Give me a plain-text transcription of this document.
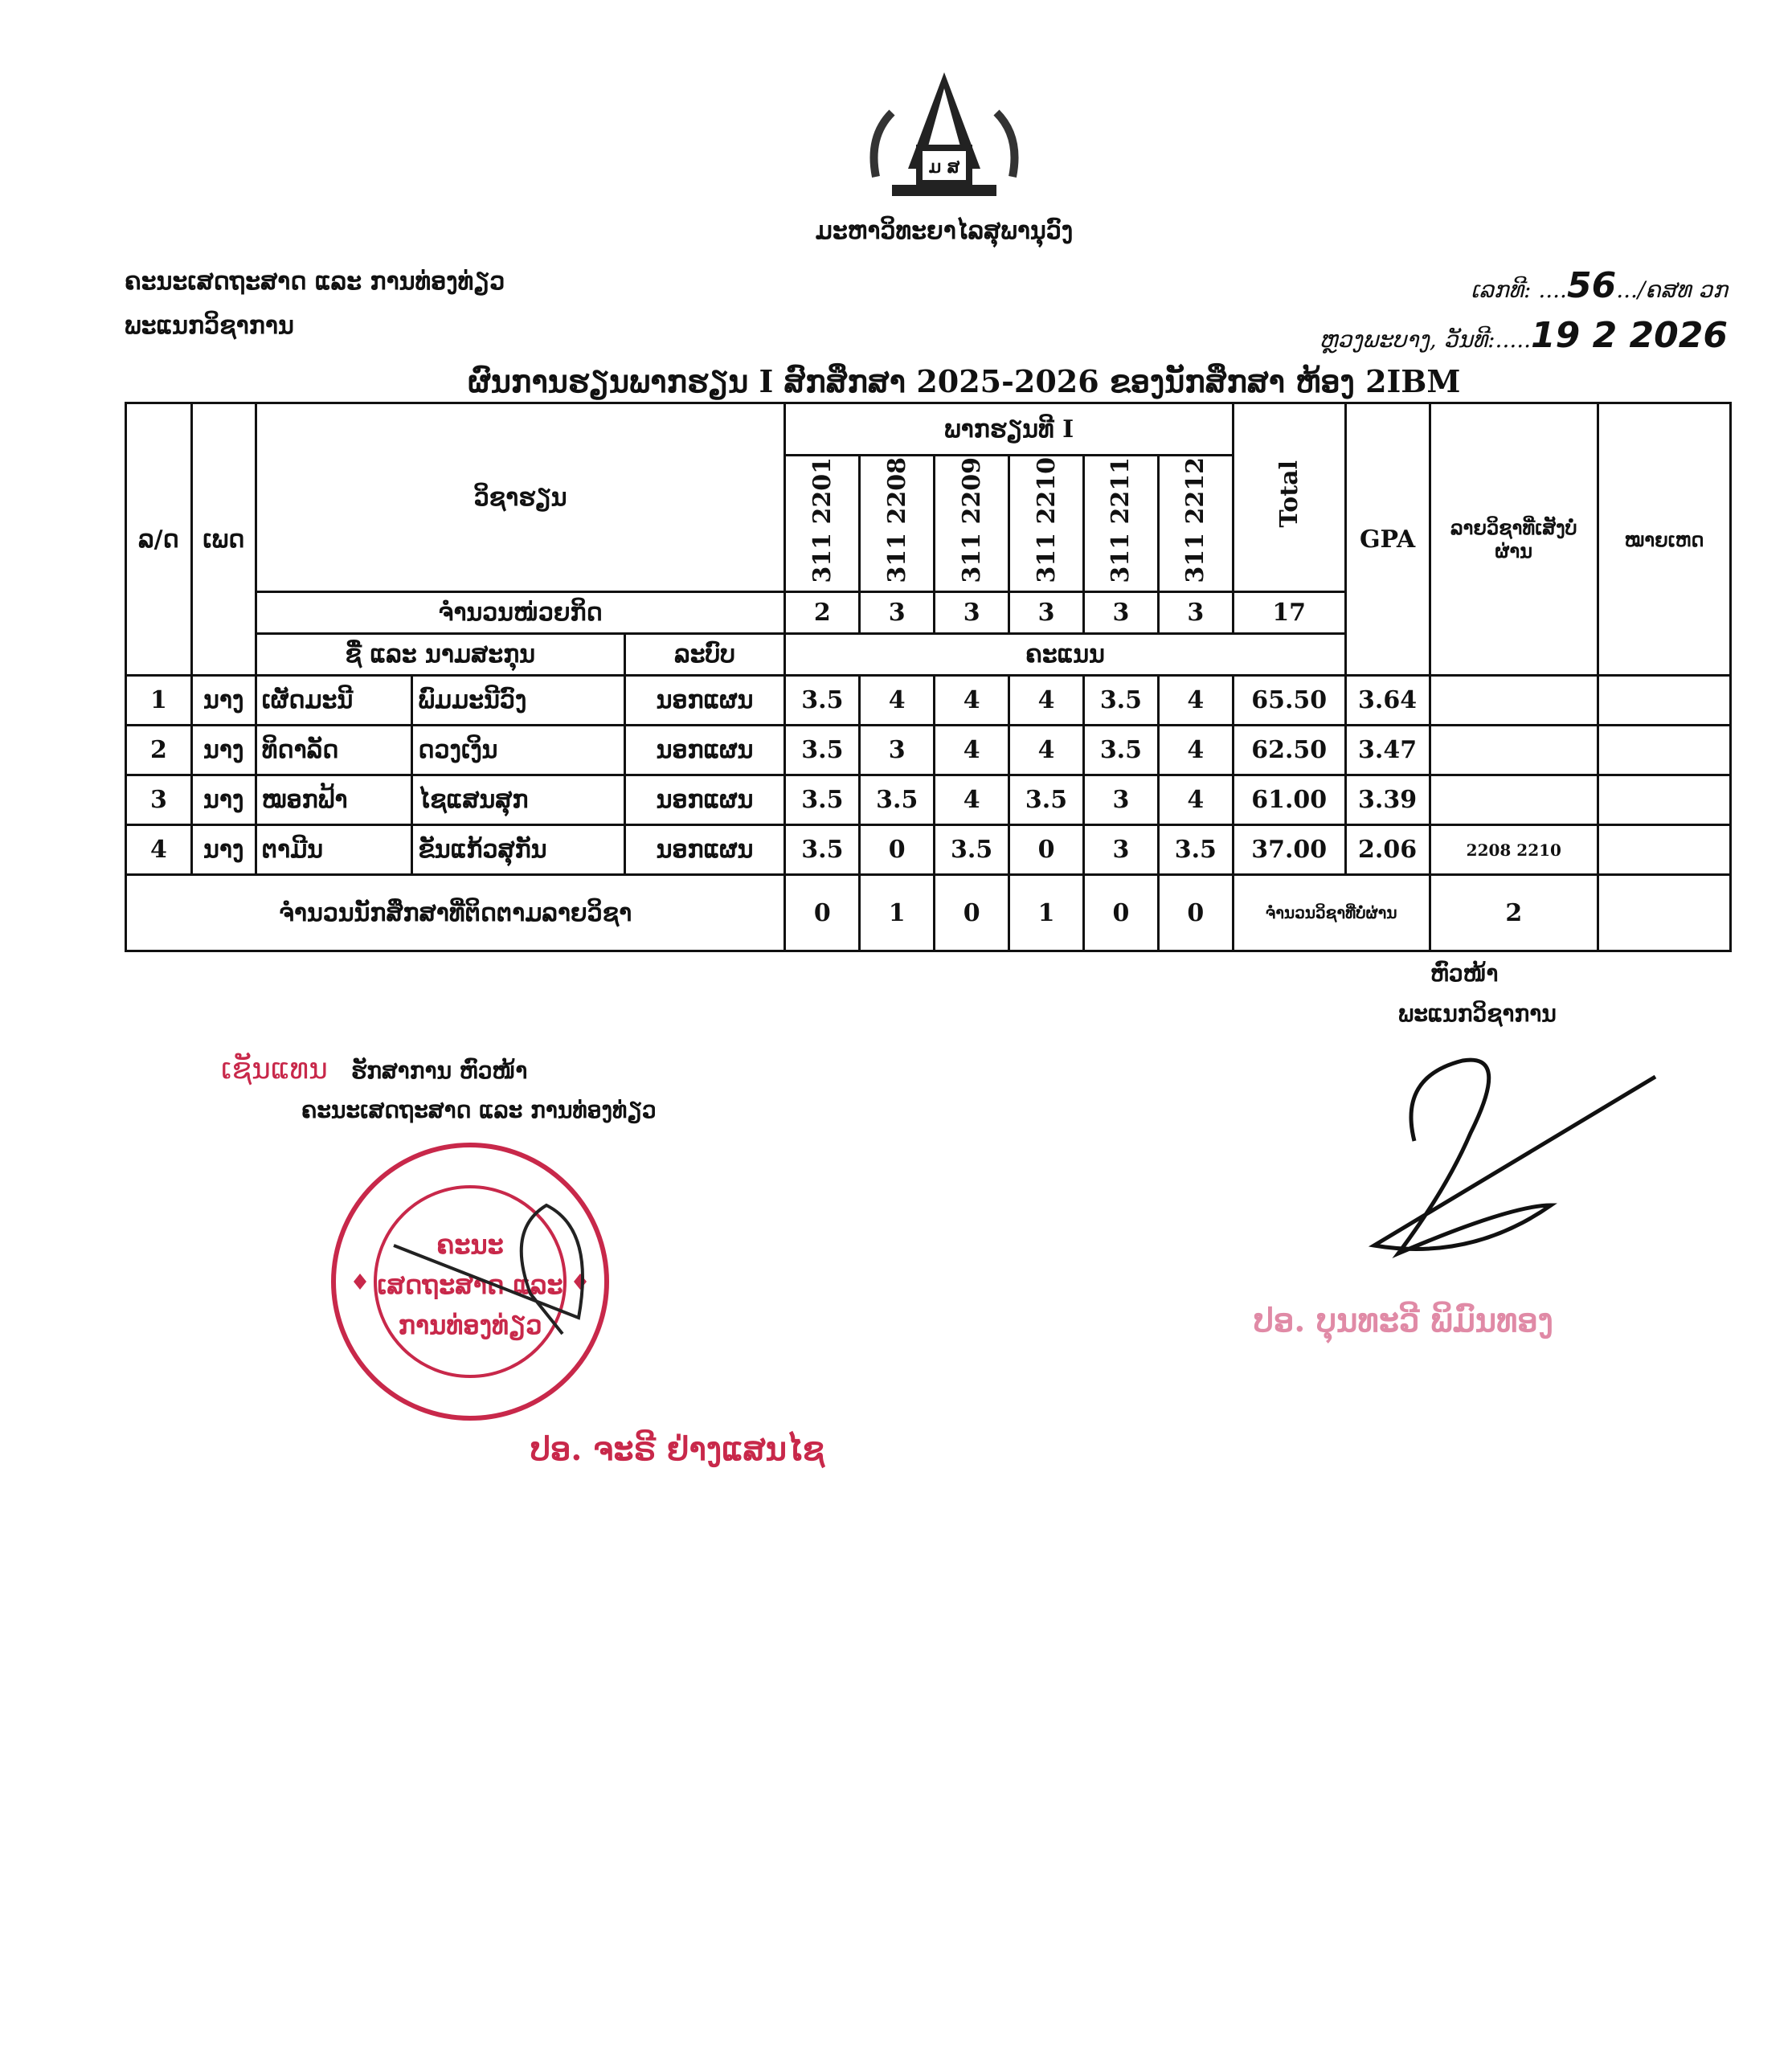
ມ ສ
ມະຫາວິທະຍາໄລສຸພານຸວົງ
ຄະນະເສດຖະສາດ ແລະ ການທ່ອງທ່ຽວ
ພະແນກວິຊາການ
ເລກທີ: ....56.../ຄສທ ວກ
ຫຼວງພະບາງ, ວັນທີ:.....19 2 2026
ຜົນການຮຽນພາກຮຽນ I ສົກສຶກສາ 2025-2026 ຂອງນັກສຶກສາ ຫ້ອງ 2IBM
ລ/ດ	ເພດ	ວິຊາຮຽນ			ພາກຮຽນທີ I						Total	GPA	ລາຍວິຊາທີ່ເສັງບໍ່ຜ່ານ	ໝາຍເຫດ
					311 2201	311 2208	311 2209	311 2210	311 2211	311 2212				
		ຈຳນວນໜ່ວຍກິດ			2	3	3	3	3	3	17			
		ຊື່ ແລະ ນາມສະກຸນ		ລະບົບ	ຄະແນນ									
1	ນາງ	ເຜັດມະນີ	ພົມມະນີວົງ	ນອກແຜນ	3.5	4	4	4	3.5	4	65.50	3.64		
2	ນາງ	ທິດາລັດ	ດວງເງິນ	ນອກແຜນ	3.5	3	4	4	3.5	4	62.50	3.47		
3	ນາງ	ໝອກຟ້າ	ໄຊແສນສຸກ	ນອກແຜນ	3.5	3.5	4	3.5	3	4	61.00	3.39		
4	ນາງ	ຕາມີນ	ຂັນແກ້ວສຸກັນ	ນອກແຜນ	3.5	0	3.5	0	3	3.5	37.00	2.06	2208 2210	
ຈຳນວນນັກສຶກສາທີ່ຕິດຕາມລາຍວິຊາ					0	1	0	1	0	0	ຈຳນວນວິຊາທີ່ບໍ່ຜ່ານ		2	
ຫົວໜ້າ
ພະແນກວິຊາການ
ປອ. ບຸນທະວີ ພິມົນທອງ
ເຊັນແທນ ຮັກສາການ ຫົວໜ້າ
ຄະນະເສດຖະສາດ ແລະ ການທ່ອງທ່ຽວ
ຄະນະ
ເສດຖະສາດ ແລະ
ການທ່ອງທ່ຽວ
ປອ. ຈະຣີ ຢ່າງແສນໄຊ
